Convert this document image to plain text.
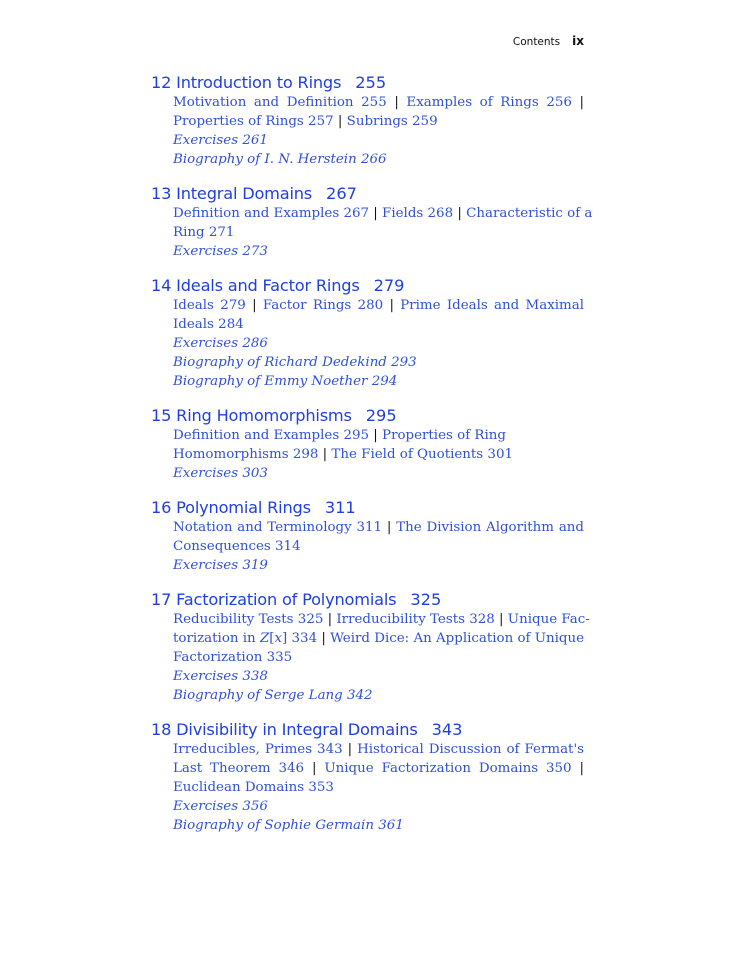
Contents ix
12 Introduction to Rings 255
Motivation and Definition 255 | Examples of Rings 256 |
Properties of Rings 257 | Subrings 259
Exercises 261
Biography of I. N. Herstein 266
13 Integral Domains 267
Definition and Examples 267 | Fields 268 | Characteristic of a
Ring 271
Exercises 273
14 Ideals and Factor Rings 279
Ideals 279 | Factor Rings 280 | Prime Ideals and Maximal
Ideals 284
Exercises 286
Biography of Richard Dedekind 293
Biography of Emmy Noether 294
15 Ring Homomorphisms 295
Definition and Examples 295 | Properties of Ring
Homomorphisms 298 | The Field of Quotients 301
Exercises 303
16 Polynomial Rings 311
Notation and Terminology 311 | The Division Algorithm and
Consequences 314
Exercises 319
17 Factorization of Polynomials 325
Reducibility Tests 325 | Irreducibility Tests 328 | Unique Fac-
torization in Z[x] 334 | Weird Dice: An Application of Unique
Factorization 335
Exercises 338
Biography of Serge Lang 342
18 Divisibility in Integral Domains 343
Irreducibles, Primes 343 | Historical Discussion of Fermat's
Last Theorem 346 | Unique Factorization Domains 350 |
Euclidean Domains 353
Exercises 356
Biography of Sophie Germain 361
